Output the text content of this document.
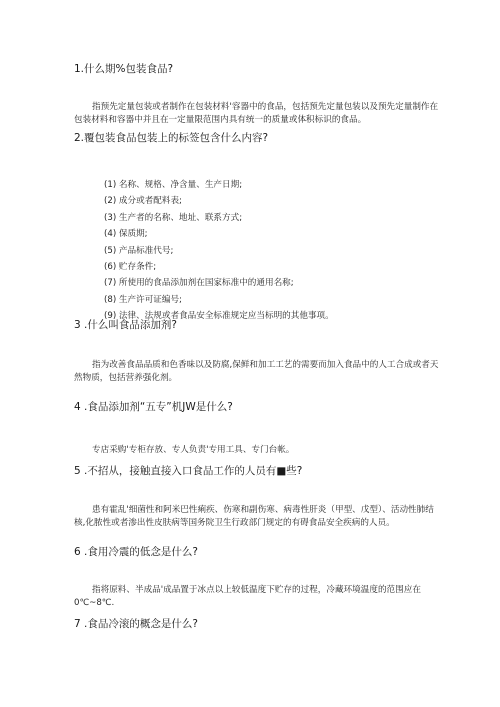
1.什么期%包装食品?
指预先定量包装或者制作在包装材料'容器中的食品，包括预先定量包装以及预先定量制作在包装材料和容器中并且在一定量限范围内具有统一的质量或体积标识的食品。
2.覆包装食品包装上的标签包含什么内容?
(1) 名称、规格、净含量、生产日期;
(2) 成分或者配料表;
(3) 生产者的名称、地址、联系方式;
(4) 保质期;
(5) 产品标准代号;
(6) 贮存条件;
(7) 所使用的食品添加剂在国家标准中的通用名称;
(8) 生产许可证编号;
(9) 法律、法规或者食品安全标准规定应当标明的其他事项。
3 .什么叫食品添加剂?
指为改善食品品质和色香味以及防腐,保鲜和加工工艺的需要而加入食品中的人工合成或者天然物质，包括营养强化剂。
4 .食品添加剂“五专”机JW是什么?
专店采购'专柜存放、专人负责'专用工具、专门台帐。
5 .不招从，接触直接入口食品工作的人员有■些?
患有霍乱'细菌性和阿米巴性痢疾、伤寒和副伤寒、病毒性肝炎（甲型、戊型）、活动性肺结核,化脓性或者渗出性皮肤病等国务院卫生行政部门规定的有碍食品安全疾病的人员。
6 .食用冷震的低念是什么?
指将原料、半成品'成品置于冰点以上较低温度下贮存的过程，冷藏环境温度的范围应在0℃~8℃.
7 .食品冷滚的概念是什么?
